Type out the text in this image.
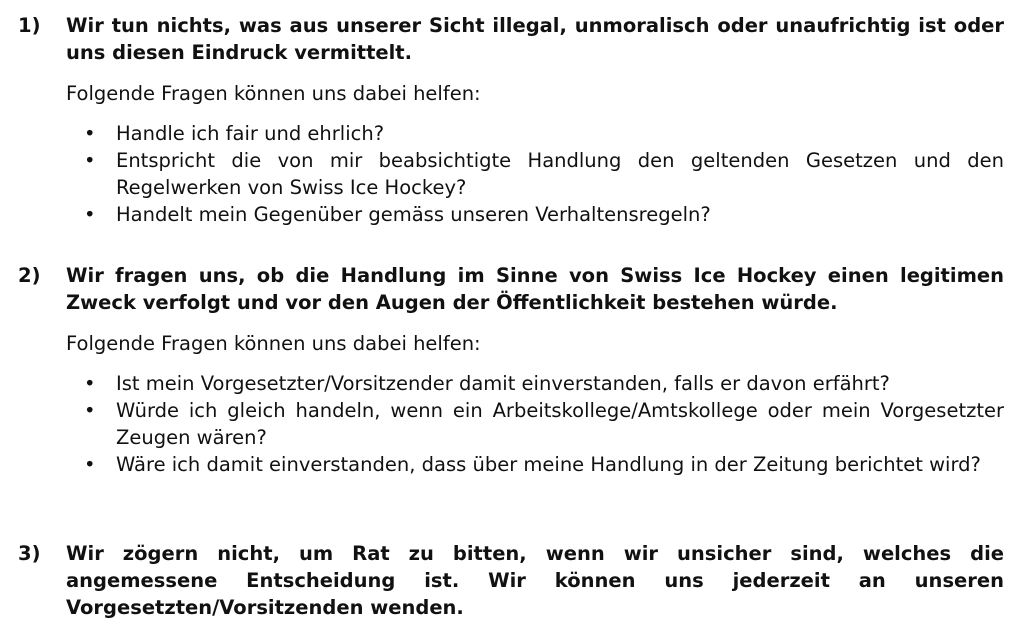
1) Wir tun nichts, was aus unserer Sicht illegal, unmoralisch oder unaufrichtig ist oder uns diesen Eindruck vermittelt.
Folgende Fragen können uns dabei helfen:
• Handle ich fair und ehrlich?
• Entspricht die von mir beabsichtigte Handlung den geltenden Gesetzen und den Regelwerken von Swiss Ice Hockey?
• Handelt mein Gegenüber gemäss unseren Verhaltensregeln?
2) Wir fragen uns, ob die Handlung im Sinne von Swiss Ice Hockey einen legitimen Zweck verfolgt und vor den Augen der Öffentlichkeit bestehen würde.
Folgende Fragen können uns dabei helfen:
• Ist mein Vorgesetzter/Vorsitzender damit einverstanden, falls er davon erfährt?
• Würde ich gleich handeln, wenn ein Arbeitskollege/Amtskollege oder mein Vorgesetzter Zeugen wären?
• Wäre ich damit einverstanden, dass über meine Handlung in der Zeitung berichtet wird?
3) Wir zögern nicht, um Rat zu bitten, wenn wir unsicher sind, welches die angemessene Entscheidung ist. Wir können uns jederzeit an unseren Vorgesetzten/Vorsitzenden wenden.
